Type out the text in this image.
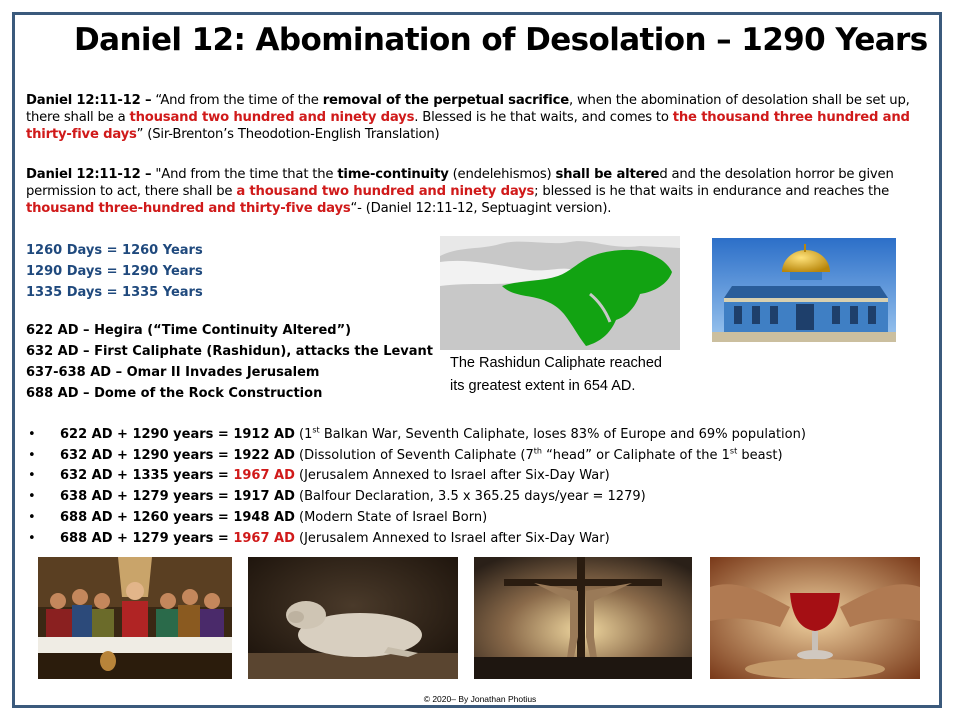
Daniel 12: Abomination of Desolation – 1290 Years
Daniel 12:11-12 – “And from the time of the removal of the perpetual sacrifice, when the abomination of desolation shall be set up, there shall be a thousand two hundred and ninety days. Blessed is he that waits, and comes to the thousand three hundred and thirty-five days” (Sir-Brenton’s Theodotion-English Translation)
Daniel 12:11-12 – "And from the time that the time-continuity (endelehismos) shall be altered and the desolation horror be given permission to act, there shall be a thousand two hundred and ninety days; blessed is he that waits in endurance and reaches the thousand three-hundred and thirty-five days“- (Daniel 12:11-12, Septuagint version).
1260 Days = 1260 Years
1290 Days = 1290 Years
1335 Days = 1335 Years
622 AD – Hegira (“Time Continuity Altered”)
632 AD – First Caliphate (Rashidun), attacks the Levant
637-638 AD – Omar II Invades Jerusalem
688 AD – Dome of the Rock Construction
The Rashidun Caliphate reached
its greatest extent in 654 AD.
• 622 AD + 1290 years = 1912 AD (1st Balkan War, Seventh Caliphate, loses 83% of Europe and 69% population)
• 632 AD + 1290 years = 1922 AD (Dissolution of Seventh Caliphate (7th “head” or Caliphate of the 1st beast)
• 632 AD + 1335 years = 1967 AD (Jerusalem Annexed to Israel after Six-Day War)
• 638 AD + 1279 years = 1917 AD (Balfour Declaration, 3.5 x 365.25 days/year = 1279)
• 688 AD + 1260 years = 1948 AD (Modern State of Israel Born)
• 688 AD + 1279 years = 1967 AD (Jerusalem Annexed to Israel after Six-Day War)
© 2020– By Jonathan Photius
